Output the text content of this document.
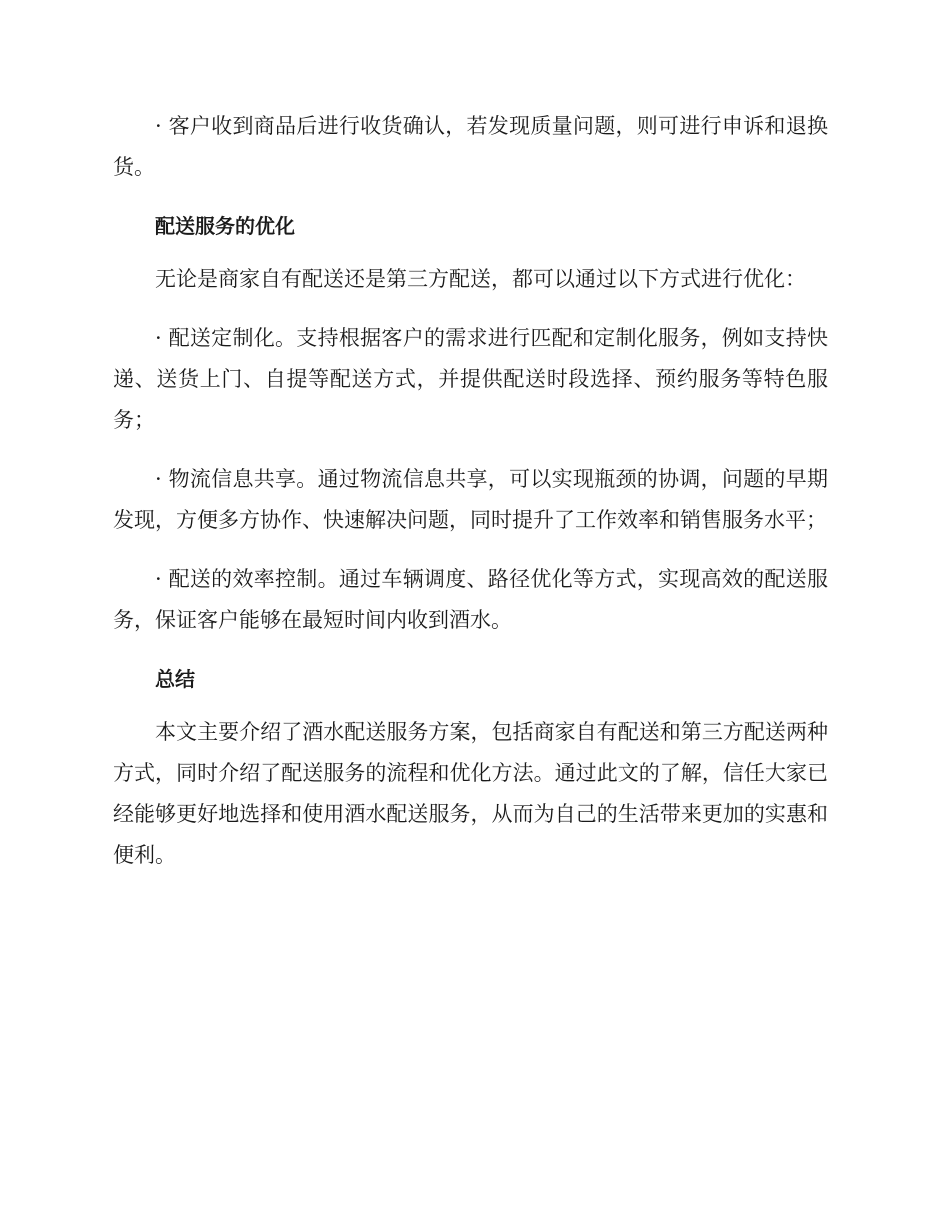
· 客户收到商品后进行收货确认，若发现质量问题，则可进行申诉和退换货。

配送服务的优化

无论是商家自有配送还是第三方配送，都可以通过以下方式进行优化：

· 配送定制化。支持根据客户的需求进行匹配和定制化服务，例如支持快递、送货上门、自提等配送方式，并提供配送时段选择、预约服务等特色服务；

· 物流信息共享。通过物流信息共享，可以实现瓶颈的协调，问题的早期发现，方便多方协作、快速解决问题，同时提升了工作效率和销售服务水平；

· 配送的效率控制。通过车辆调度、路径优化等方式，实现高效的配送服务，保证客户能够在最短时间内收到酒水。

总结

本文主要介绍了酒水配送服务方案，包括商家自有配送和第三方配送两种方式，同时介绍了配送服务的流程和优化方法。通过此文的了解，信任大家已经能够更好地选择和使用酒水配送服务，从而为自己的生活带来更加的实惠和便利。
